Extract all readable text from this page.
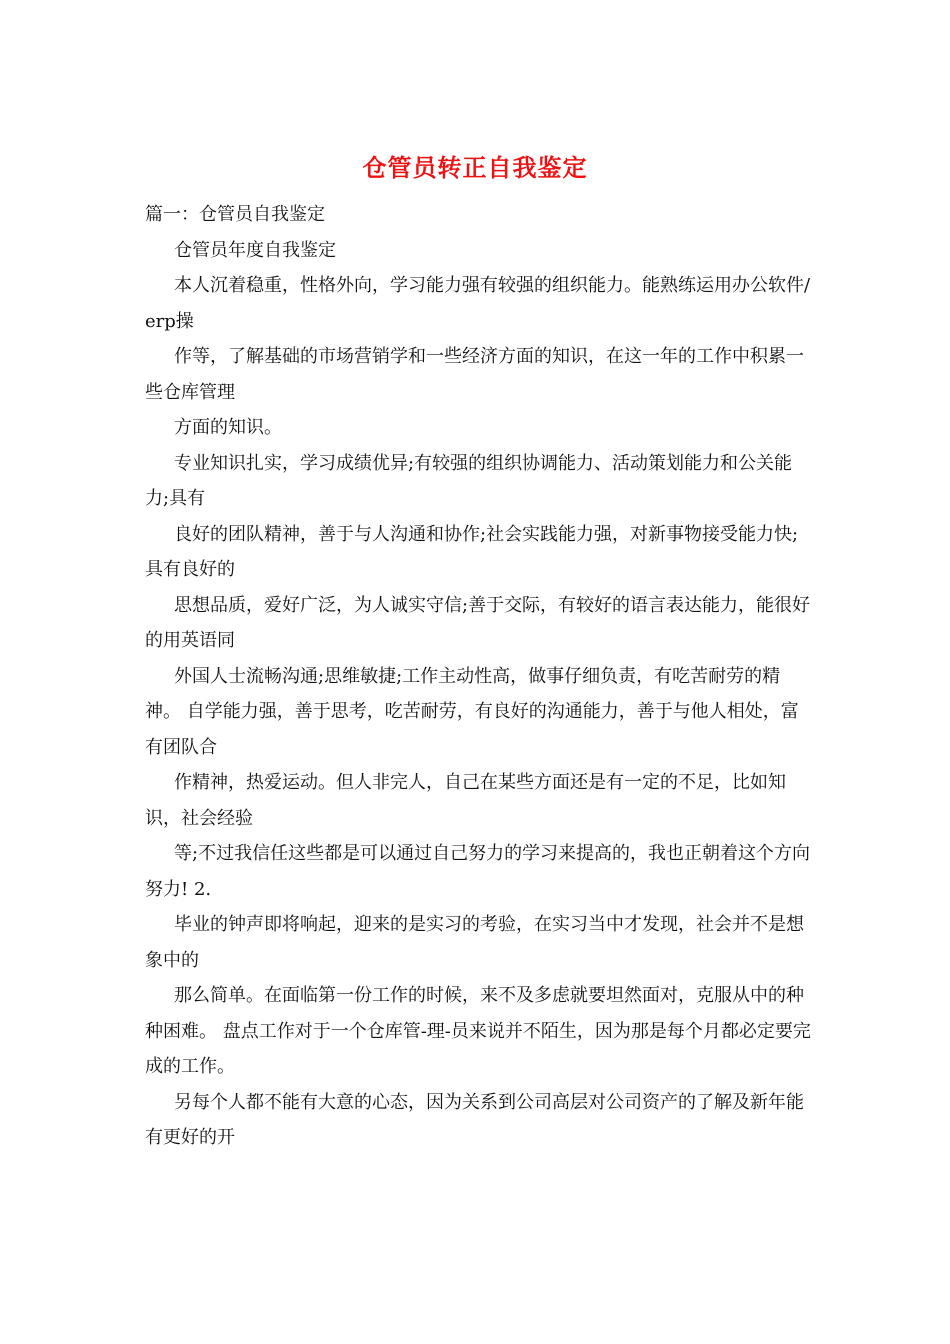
仓管员转正自我鉴定

篇一：仓管员自我鉴定

仓管员年度自我鉴定

本人沉着稳重，性格外向，学习能力强有较强的组织能力。能熟练运用办公软件/erp操

作等，了解基础的市场营销学和一些经济方面的知识，在这一年的工作中积累一些仓库管理

方面的知识。

专业知识扎实，学习成绩优异;有较强的组织协调能力、活动策划能力和公关能力;具有

良好的团队精神，善于与人沟通和协作;社会实践能力强，对新事物接受能力快;具有良好的

思想品质，爱好广泛，为人诚实守信;善于交际，有较好的语言表达能力，能很好的用英语同

外国人士流畅沟通;思维敏捷;工作主动性高，做事仔细负责，有吃苦耐劳的精神。 自学能力强，善于思考，吃苦耐劳，有良好的沟通能力，善于与他人相处，富有团队合

作精神，热爱运动。但人非完人，自己在某些方面还是有一定的不足，比如知识，社会经验

等;不过我信任这些都是可以通过自己努力的学习来提高的，我也正朝着这个方向努力! 2.

毕业的钟声即将响起，迎来的是实习的考验，在实习当中才发现，社会并不是想象中的

那么简单。在面临第一份工作的时候，来不及多虑就要坦然面对，克服从中的种种困难。 盘点工作对于一个仓库管-理-员来说并不陌生，因为那是每个月都必定要完成的工作。

另每个人都不能有大意的心态，因为关系到公司高层对公司资产的了解及新年能有更好的开
